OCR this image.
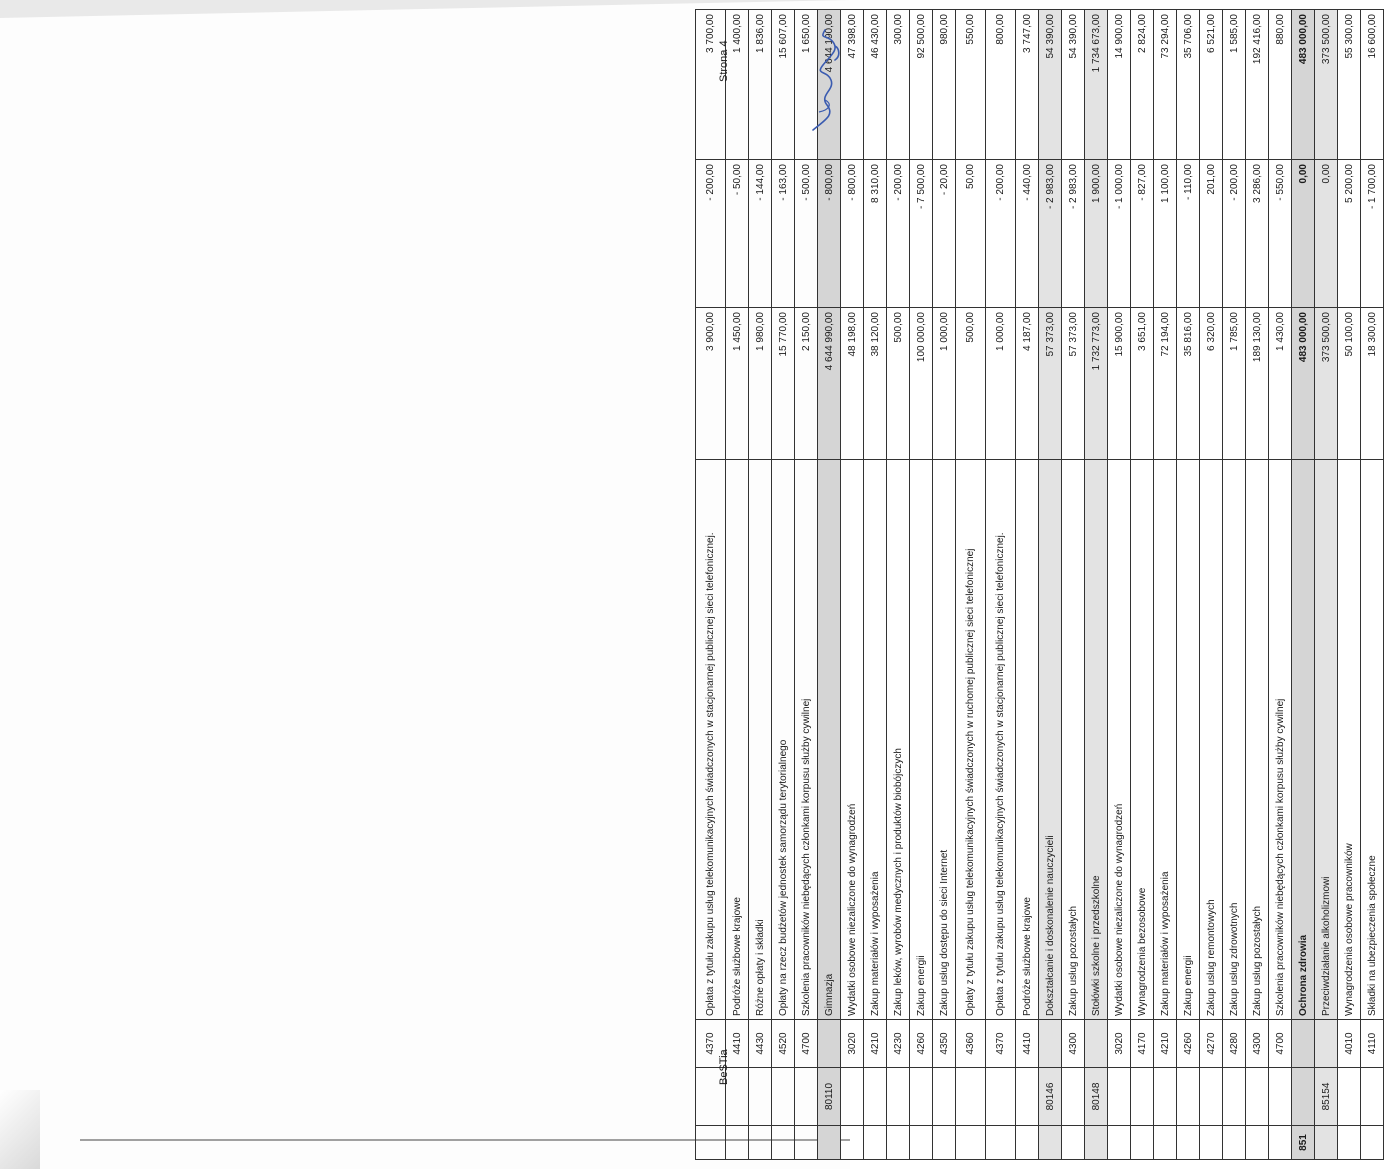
		4370	Opłata z tytułu zakupu usług telekomunikacyjnych świadczonych w stacjonarnej publicznej sieci telefonicznej.	3 900,00	- 200,00	3 700,00
		4410	Podróże służbowe krajowe	1 450,00	- 50,00	1 400,00
		4430	Różne opłaty i składki	1 980,00	- 144,00	1 836,00
		4520	Opłaty na rzecz budżetów jednostek samorządu terytorialnego	15 770,00	- 163,00	15 607,00
		4700	Szkolenia pracowników niebędących członkami korpusu służby cywilnej	2 150,00	- 500,00	1 650,00
	80110		Gimnazja	4 644 990,00	- 800,00	4 644 190,00
		3020	Wydatki osobowe niezaliczone do wynagrodzeń	48 198,00	- 800,00	47 398,00
		4210	Zakup materiałów i wyposażenia	38 120,00	8 310,00	46 430,00
		4230	Zakup leków, wyrobów medycznych i produktów biobójczych	500,00	- 200,00	300,00
		4260	Zakup energii	100 000,00	- 7 500,00	92 500,00
		4350	Zakup usług dostępu do sieci Internet	1 000,00	- 20,00	980,00
		4360	Opłaty z tytułu zakupu usług telekomunikacyjnych świadczonych w ruchomej publicznej sieci telefonicznej	500,00	50,00	550,00
		4370	Opłata z tytułu zakupu usług telekomunikacyjnych świadczonych w stacjonarnej publicznej sieci telefonicznej.	1 000,00	- 200,00	800,00
		4410	Podróże służbowe krajowe	4 187,00	- 440,00	3 747,00
	80146		Dokształcanie i doskonalenie nauczycieli	57 373,00	- 2 983,00	54 390,00
		4300	Zakup usług pozostałych	57 373,00	- 2 983,00	54 390,00
	80148		Stołówki szkolne i przedszkolne	1 732 773,00	1 900,00	1 734 673,00
		3020	Wydatki osobowe niezaliczone do wynagrodzeń	15 900,00	- 1 000,00	14 900,00
		4170	Wynagrodzenia bezosobowe	3 651,00	- 827,00	2 824,00
		4210	Zakup materiałów i wyposażenia	72 194,00	1 100,00	73 294,00
		4260	Zakup energii	35 816,00	- 110,00	35 706,00
		4270	Zakup usług remontowych	6 320,00	201,00	6 521,00
		4280	Zakup usług zdrowotnych	1 785,00	- 200,00	1 585,00
		4300	Zakup usług pozostałych	189 130,00	3 286,00	192 416,00
		4700	Szkolenia pracowników niebędących członkami korpusu służby cywilnej	1 430,00	- 550,00	880,00
851			Ochrona zdrowia	483 000,00	0,00	483 000,00
	85154		Przeciwdziałanie alkoholizmowi	373 500,00	0,00	373 500,00
		4010	Wynagrodzenia osobowe pracowników	50 100,00	5 200,00	55 300,00
		4110	Składki na ubezpieczenia społeczne	18 300,00	- 1 700,00	16 600,00
BeSTia
Strona 4
